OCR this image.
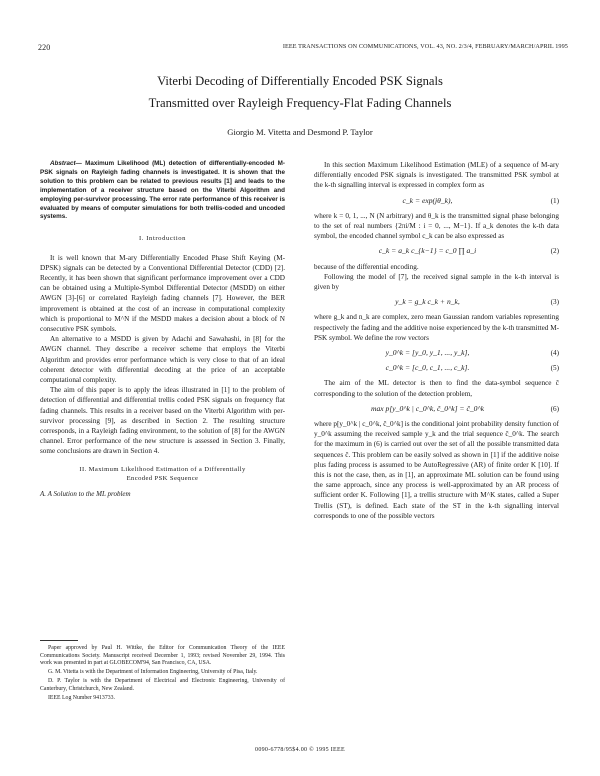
220	IEEE TRANSACTIONS ON COMMUNICATIONS, VOL. 43, NO. 2/3/4, FEBRUARY/MARCH/APRIL 1995
Viterbi Decoding of Differentially Encoded PSK Signals
Transmitted over Rayleigh Frequency-Flat Fading Channels
Giorgio M. Vitetta and Desmond P. Taylor

Abstract— Maximum Likelihood (ML) detection of differentially-encoded M-PSK signals on Rayleigh fading channels is investigated. It is shown that the solution to this problem can be related to previous results [1] and leads to the implementation of a receiver structure based on the Viterbi Algorithm and employing per-survivor processing. The error rate performance of this receiver is evaluated by means of computer simulations for both trellis-coded and uncoded systems.

I. Introduction

It is well known that M-ary Differentially Encoded Phase Shift Keying (M-DPSK) signals can be detected by a Conventional Differential Detector (CDD) [2]. Recently, it has been shown that significant performance improvement over a CDD can be obtained using a Multiple-Symbol Differential Detector (MSDD) on either AWGN [3]-[6] or correlated Rayleigh fading channels [7]. However, the BER improvement is obtained at the cost of an increase in computational complexity which is proportional to M^N if the MSDD makes a decision about a block of N consecutive PSK symbols.

An alternative to a MSDD is given by Adachi and Sawahashi, in [8] for the AWGN channel. They describe a receiver scheme that employs the Viterbi Algorithm and provides error performance which is very close to that of an ideal coherent detector with differential decoding at the price of an acceptable computational complexity.

The aim of this paper is to apply the ideas illustrated in [1] to the problem of detection of differential and differential trellis coded PSK signals on frequency flat fading channels. This results in a receiver based on the Viterbi Algorithm with per-survivor processing [9], as described in Section 2. The resulting structure corresponds, in a Rayleigh fading environment, to the solution of [8] for the AWGN channel. Error performance of the new structure is assessed in Section 3. Finally, some conclusions are drawn in Section 4.

II. Maximum Likelihood Estimation of a Differentially
Encoded PSK Sequence
A. A Solution to the ML problem

Paper approved by Paul H. Wittke, the Editor for Communication Theory of the IEEE Communications Society. Manuscript received December 1, 1993; revised November 29, 1994. This work was presented in part at GLOBECOM'94, San Francisco, CA, USA.

G. M. Vitetta is with the Department of Information Engineering, University of Pisa, Italy.

D. P. Taylor is with the Department of Electrical and Electronic Engineering, University of Canterbury, Christchurch, New Zealand.

IEEE Log Number 9413733.

In this section Maximum Likelihood Estimation (MLE) of a sequence of M-ary differentially encoded PSK signals is investigated. The transmitted PSK symbol at the k-th signalling interval is expressed in complex form as

c_k = exp(jθ_k),	(1)

where k = 0, 1, ..., N (N arbitrary) and θ_k is the transmitted signal phase belonging to the set of real numbers {2πi/M : i = 0, ..., M−1}. If a_k denotes the k-th data symbol, the encoded channel symbol c_k can be also expressed as

c_k = a_k c_{k−1} = c_0 ∏ a_i	(2)

because of the differential encoding.

Following the model of [7], the received signal sample in the k-th interval is given by

y_k = g_k c_k + n_k,	(3)

where g_k and n_k are complex, zero mean Gaussian random variables representing respectively the fading and the additive noise experienced by the k-th transmitted M-PSK symbol. We define the row vectors

y_0^k = [y_0, y_1, ..., y_k],	(4)
c_0^k = [c_0, c_1, ..., c_k].	(5)

The aim of the ML detector is then to find the data-symbol sequence ĉ corresponding to the solution of the detection problem,

max p[y_0^k | c_0^k, ĉ_0^k] = ĉ_0^k	(6)

where p[y_0^k | c_0^k, ĉ_0^k] is the conditional joint probability density function of y_0^k assuming the received sample y_k and the trial sequence ĉ_0^k. The search for the maximum in (6) is carried out over the set of all the possible transmitted data sequences ĉ. This problem can be easily solved as shown in [1] if the additive noise plus fading process is assumed to be AutoRegressive (AR) of finite order K [10]. If this is not the case, then, as in [1], an approximate ML solution can be found using the same approach, since any process is well-approximated by an AR process of sufficient order K. Following [1], a trellis structure with M^K states, called a Super Trellis (ST), is defined. Each state of the ST in the k-th signalling interval corresponds to one of the possible vectors

0090-6778/95$4.00 © 1995 IEEE
